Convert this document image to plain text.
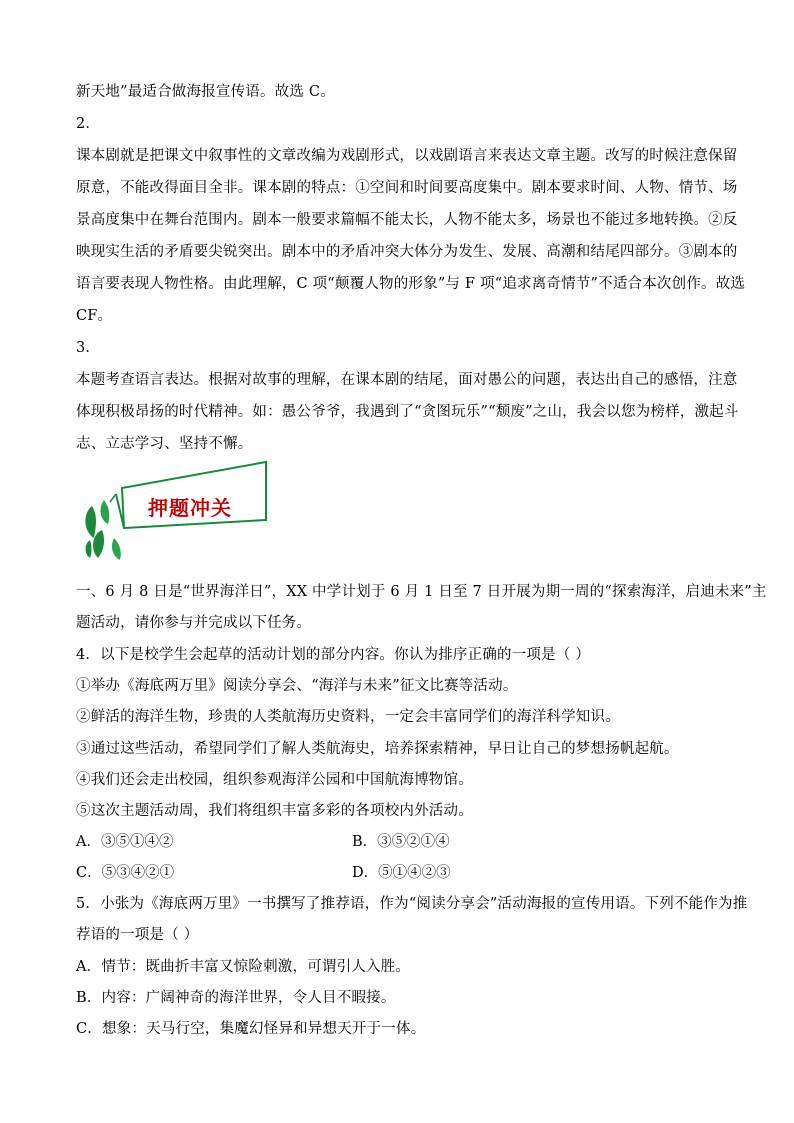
新天地”最适合做海报宣传语。故选 C。
2．
课本剧就是把课文中叙事性的文章改编为戏剧形式，以戏剧语言来表达文章主题。改写的时候注意保留
原意，不能改得面目全非。课本剧的特点：①空间和时间要高度集中。剧本要求时间、人物、情节、场
景高度集中在舞台范围内。剧本一般要求篇幅不能太长，人物不能太多，场景也不能过多地转换。②反
映现实生活的矛盾要尖锐突出。剧本中的矛盾冲突大体分为发生、发展、高潮和结尾四部分。③剧本的
语言要表现人物性格。由此理解，C 项“颠覆人物的形象”与 F 项“追求离奇情节”不适合本次创作。故选
CF。
3．
本题考查语言表达。根据对故事的理解，在课本剧的结尾，面对愚公的问题，表达出自己的感悟，注意
体现积极昂扬的时代精神。如：愚公爷爷，我遇到了“贪图玩乐”“颓废”之山，我会以您为榜样，激起斗
志、立志学习、坚持不懈。
押题冲关
一、6 月 8 日是“世界海洋日”，XX 中学计划于 6 月 1 日至 7 日开展为期一周的“探索海洋，启迪未来”主
题活动，请你参与并完成以下任务。
4．以下是校学生会起草的活动计划的部分内容。你认为排序正确的一项是（ ）
①举办《海底两万里》阅读分享会、“海洋与未来”征文比赛等活动。
②鲜活的海洋生物，珍贵的人类航海历史资料，一定会丰富同学们的海洋科学知识。
③通过这些活动，希望同学们了解人类航海史，培养探索精神，早日让自己的梦想扬帆起航。
④我们还会走出校园，组织参观海洋公园和中国航海博物馆。
⑤这次主题活动周，我们将组织丰富多彩的各项校内外活动。
A．③⑤①④②	B．③⑤②①④
C．⑤③④②①	D．⑤①④②③
5．小张为《海底两万里》一书撰写了推荐语，作为“阅读分享会”活动海报的宣传用语。下列不能作为推
荐语的一项是（ ）
A．情节：既曲折丰富又惊险刺激，可谓引人入胜。
B．内容：广阔神奇的海洋世界，令人目不暇接。
C．想象：天马行空，集魔幻怪异和异想天开于一体。
